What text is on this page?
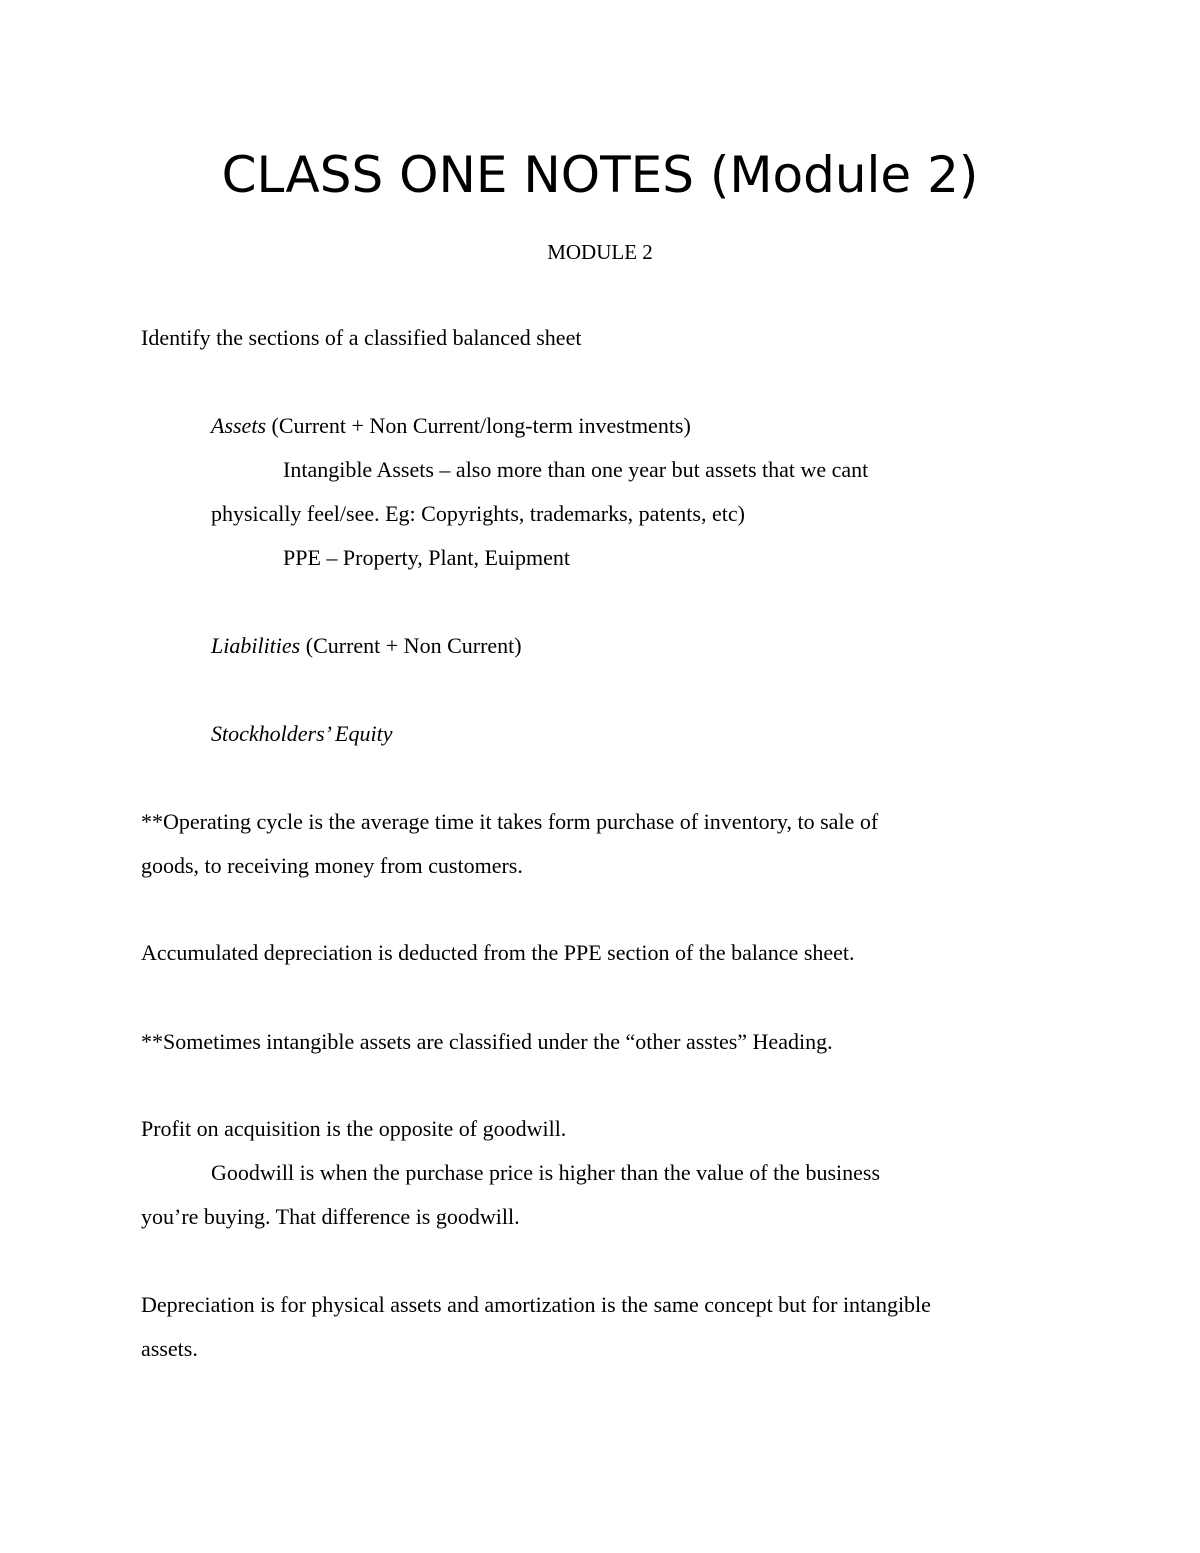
CLASS ONE NOTES (Module 2)

MODULE 2

Identify the sections of a classified balanced sheet

Assets (Current + Non Current/long-term investments)

Intangible Assets – also more than one year but assets that we cant

physically feel/see. Eg: Copyrights, trademarks, patents, etc)

PPE – Property, Plant, Euipment

Liabilities (Current + Non Current)

Stockholders’ Equity

**Operating cycle is the average time it takes form purchase of inventory, to sale of

goods, to receiving money from customers.

Accumulated depreciation is deducted from the PPE section of the balance sheet.

**Sometimes intangible assets are classified under the “other asstes” Heading.

Profit on acquisition is the opposite of goodwill.

Goodwill is when the purchase price is higher than the value of the business

you’re buying. That difference is goodwill.

Depreciation is for physical assets and amortization is the same concept but for intangible

assets.
